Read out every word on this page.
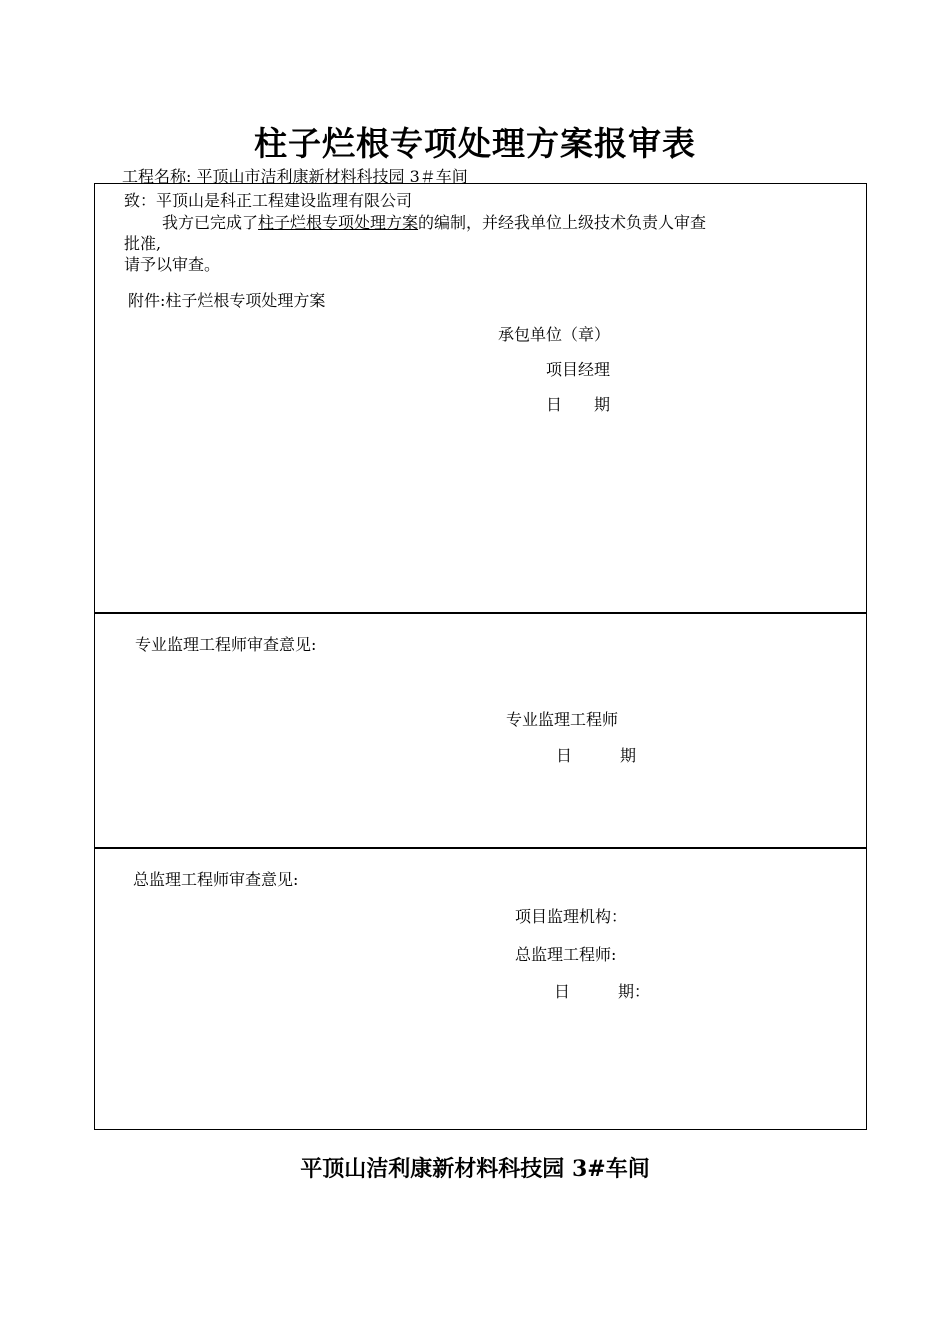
柱子烂根专项处理方案报审表
工程名称: 平顶山市洁利康新材料科技园 3＃车间
致：平顶山是科正工程建设监理有限公司
我方已完成了柱子烂根专项处理方案的编制，并经我单位上级技术负责人审查
批准,
请予以审查。
附件:柱子烂根专项处理方案
承包单位（章）
项目经理
日　　期
专业监理工程师审查意见:
专业监理工程师
日　　　期
总监理工程师审查意见:
项目监理机构：
总监理工程师:
日　　　期：
平顶山洁利康新材料科技园 3#车间
